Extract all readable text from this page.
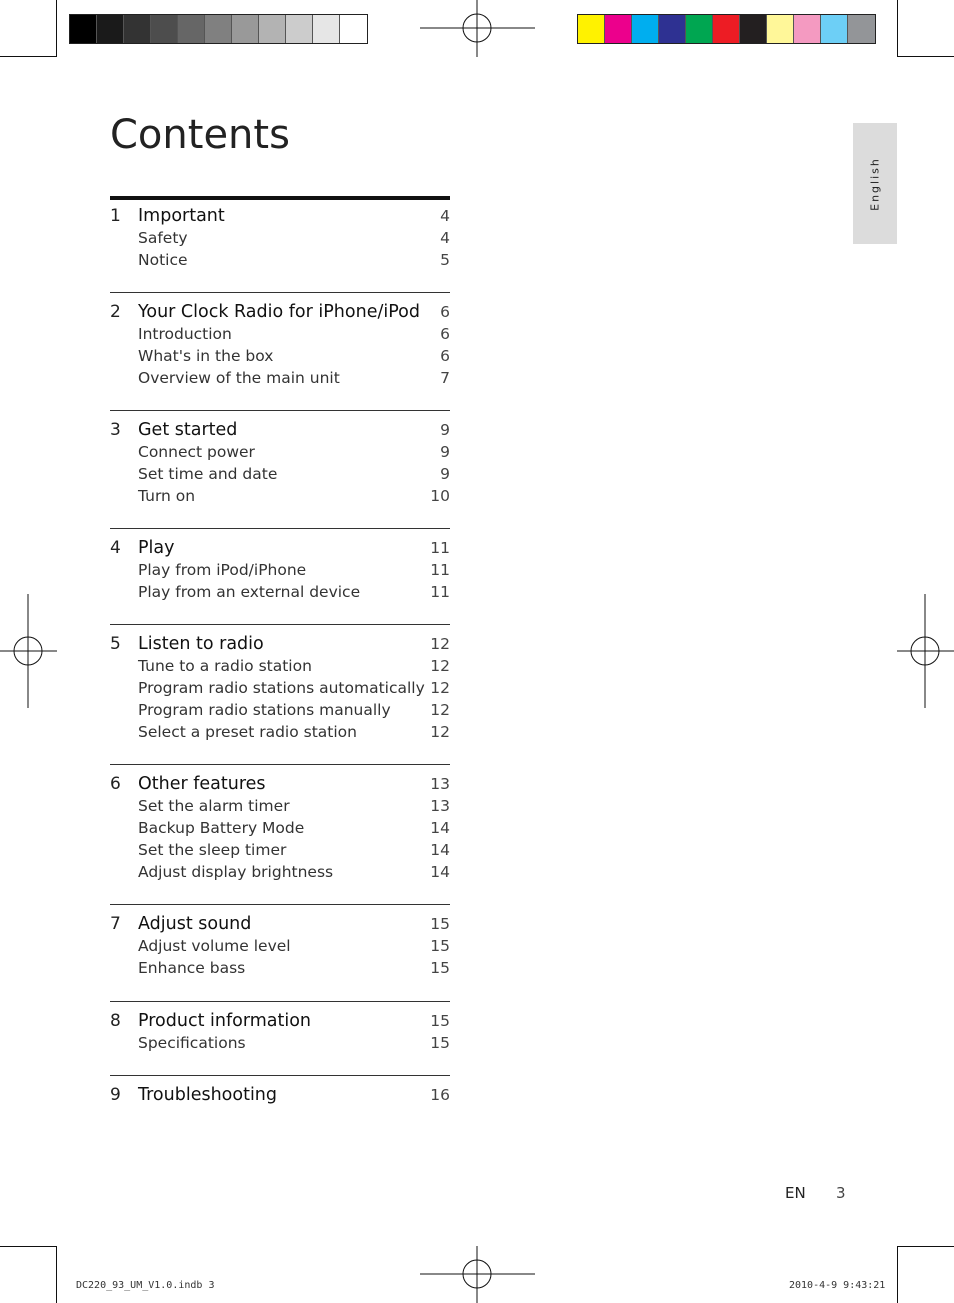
English
Contents
1 Important	4
Safety	4
Notice	5
2 Your Clock Radio for iPhone/iPod 6
Introduction	6
What's in the box	6
Overview of the main unit	7
3 Get started	9
Connect power	9
Set time and date	9
Turn on	10
4 Play	11
Play from iPod/iPhone	11
Play from an external device	11
5 Listen to radio	12
Tune to a radio station	12
Program radio stations automatically 12
Program radio stations manually	12
Select a preset radio station	12
6 Other features	13
Set the alarm timer	13
Backup Battery Mode	14
Set the sleep timer	14
Adjust display brightness	14
7 Adjust sound	15
Adjust volume level	15
Enhance bass	15
8 Product information	15
Specifications	15
9 Troubleshooting	16
EN 3
DC220_93_UM_V1.0.indb 3	2010-4-9 9:43:21
